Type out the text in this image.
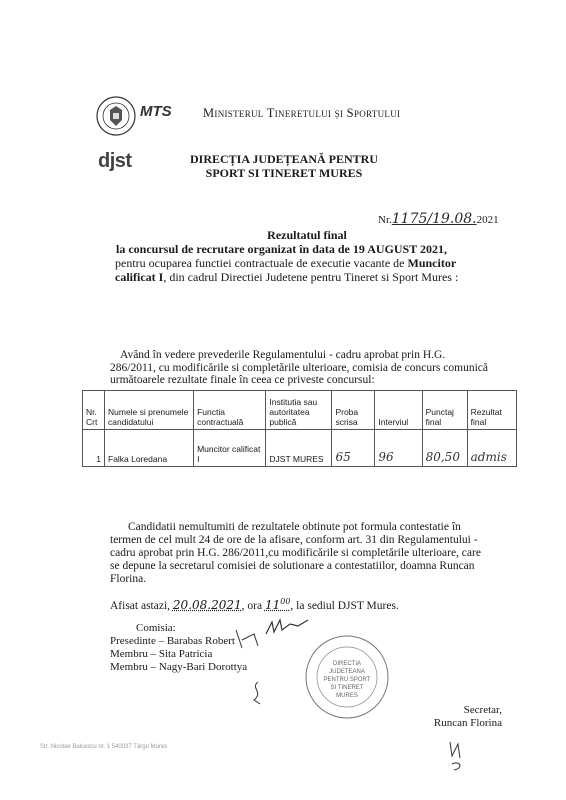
MTS	Ministerul Tineretului și Sportului
djst	DIRECȚIA JUDEȚEANĂ PENTRU
SPORT SI TINERET MURES
Nr.1175/19.08.2021
Rezultatul final
la concursul de recrutare organizat în data de 19 AUGUST 2021,
pentru ocuparea functiei contractuale de executie vacante de Muncitor
calificat I, din cadrul Directiei Judetene pentru Tineret si Sport Mures :
Având în vedere prevederile Regulamentului - cadru aprobat prin H.G. 286/2011, cu modificările si completările ulterioare, comisia de concurs comunică următoarele rezultate finale în ceea ce priveste concursul:
Nr. Crt	Numele si prenumele candidatului	Functia contractuală	Institutia sau autoritatea publică	Proba scrisa	Interviul	Punctaj final	Rezultat final
1	Falka Loredana	Muncitor calificat I	DJST MURES	65	96	80,50	admis
Candidatii nemultumiti de rezultatele obtinute pot formula contestatie în termen de cel mult 24 de ore de la afisare, conform art. 31 din Regulamentului - cadru aprobat prin H.G. 286/2011,cu modificările si completările ulterioare, care se depune la secretarul comisiei de solutionare a contestatiilor, doamna Runcan Florina.
Afisat astazi, 20.08.2021, ora $11^{00}$, la sediul DJST Mures.
Comisia:
Presedinte – Barabas Robert
Membru – Sita Patricia
Membru – Nagy-Bari Dorottya	DIRECTIA
JUDETEANA
PENTRU SPORT
SI TINERET
MURES
Secretar,
Runcan Florina
Str. Nicolae Balcescu nr. 1 540037 Târgu Mures
